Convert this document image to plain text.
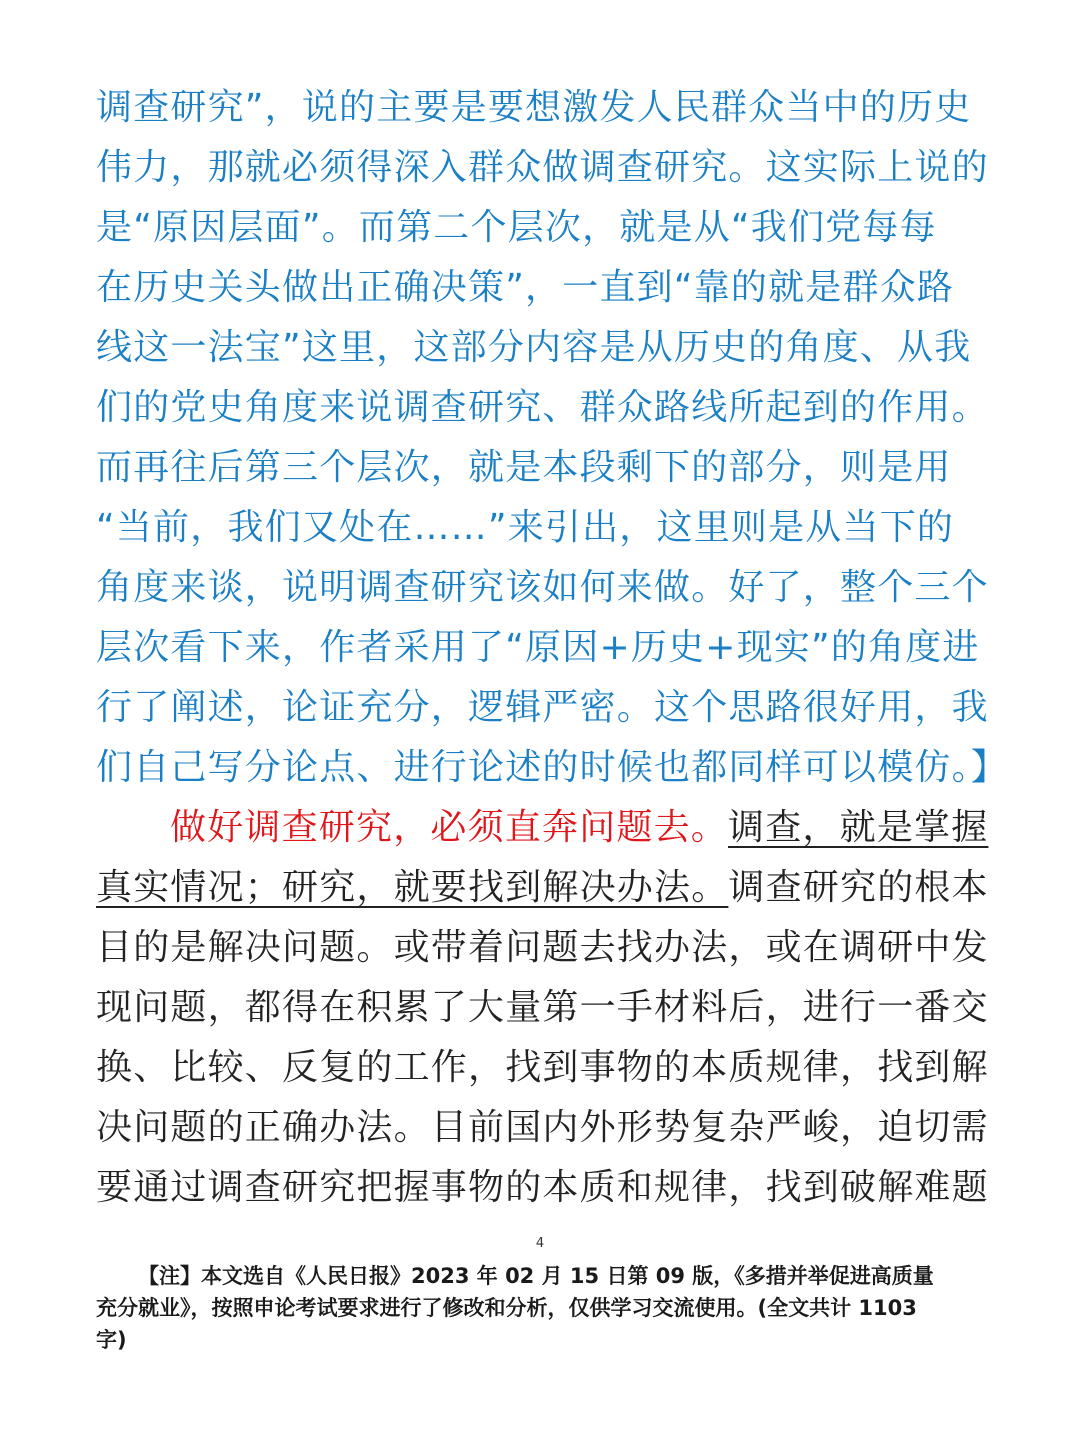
调查研究”，说的主要是要想激发人民群众当中的历史
伟力，那就必须得深入群众做调查研究。这实际上说的
是“原因层面”。而第二个层次，就是从“我们党每每
在历史关头做出正确决策”，一直到“靠的就是群众路
线这一法宝”这里，这部分内容是从历史的角度、从我
们的党史角度来说调查研究、群众路线所起到的作用。
而再往后第三个层次，就是本段剩下的部分，则是用
“当前，我们又处在……”来引出，这里则是从当下的
角度来谈，说明调查研究该如何来做。好了，整个三个
层次看下来，作者采用了“原因+历史+现实”的角度进
行了阐述，论证充分，逻辑严密。这个思路很好用，我
们自己写分论点、进行论述的时候也都同样可以模仿。】
做好调查研究，必须直奔问题去。调查，就是掌握
真实情况；研究，就要找到解决办法。调查研究的根本
目的是解决问题。或带着问题去找办法，或在调研中发
现问题，都得在积累了大量第一手材料后，进行一番交
换、比较、反复的工作，找到事物的本质规律，找到解
决问题的正确办法。目前国内外形势复杂严峻，迫切需
要通过调查研究把握事物的本质和规律，找到破解难题
4
【注】本文选自《人民日报》2023 年 02 月 15 日第 09 版，《多措并举促进高质量
充分就业》，按照申论考试要求进行了修改和分析，仅供学习交流使用。(全文共计 1103
字)
